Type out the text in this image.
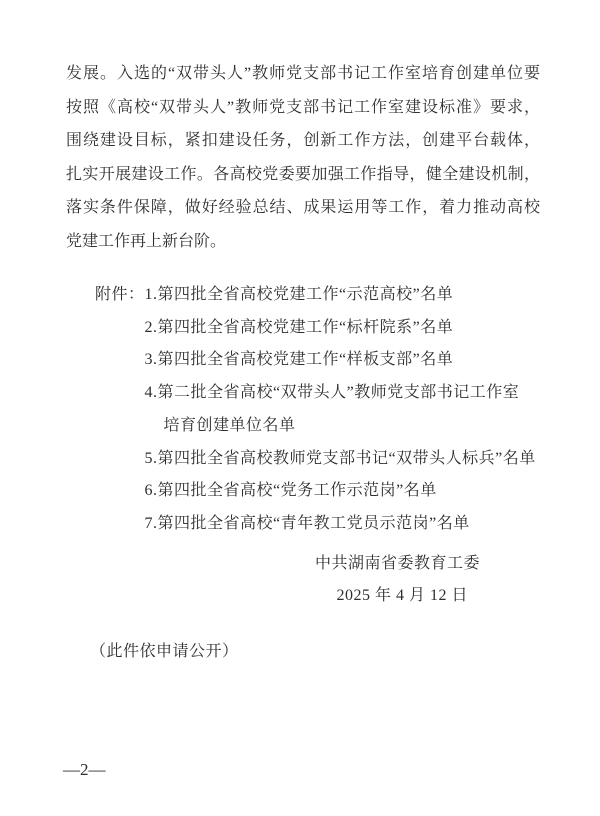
发展。入选的“双带头人”教师党支部书记工作室培育创建单位要
按照《高校“双带头人”教师党支部书记工作室建设标准》要求，
围绕建设目标，紧扣建设任务，创新工作方法，创建平台载体，
扎实开展建设工作。各高校党委要加强工作指导，健全建设机制，
落实条件保障，做好经验总结、成果运用等工作，着力推动高校
党建工作再上新台阶。
附件： 1.第四批全省高校党建工作“示范高校”名单
2.第四批全省高校党建工作“标杆院系”名单
3.第四批全省高校党建工作“样板支部”名单
4.第二批全省高校“双带头人”教师党支部书记工作室
培育创建单位名单
5.第四批全省高校教师党支部书记“双带头人标兵”名单
6.第四批全省高校“党务工作示范岗”名单
7.第四批全省高校“青年教工党员示范岗”名单
中共湖南省委教育工委
2025 年 4 月 12 日
（此件依申请公开）
—2—
